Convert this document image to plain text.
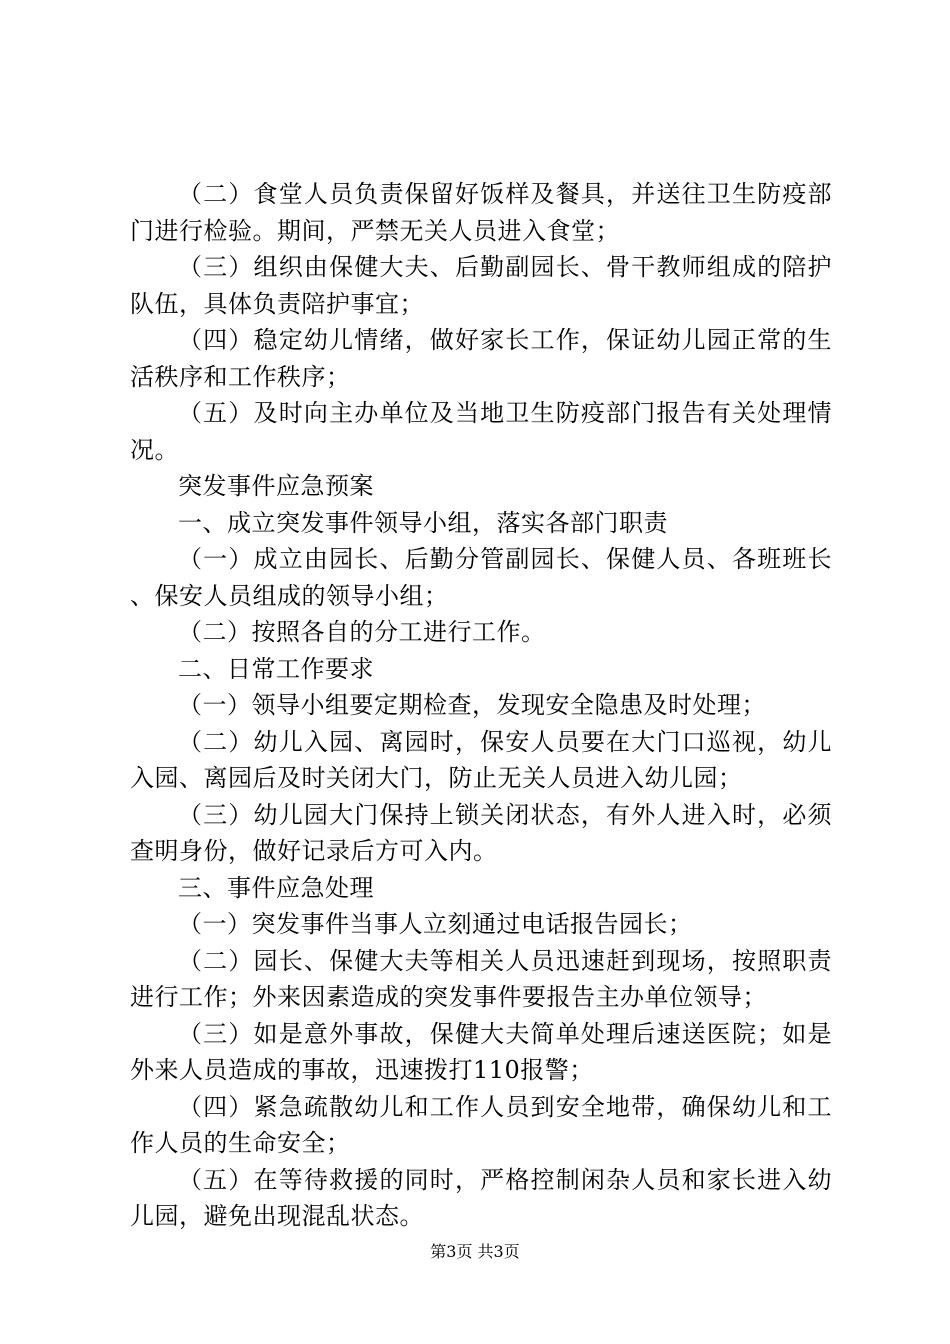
（二）食堂人员负责保留好饭样及餐具，并送往卫生防疫部门进行检验。期间，严禁无关人员进入食堂；

（三）组织由保健大夫、后勤副园长、骨干教师组成的陪护队伍，具体负责陪护事宜；

（四）稳定幼儿情绪，做好家长工作，保证幼儿园正常的生活秩序和工作秩序；

（五）及时向主办单位及当地卫生防疫部门报告有关处理情况。

突发事件应急预案

一、成立突发事件领导小组，落实各部门职责

（一）成立由园长、后勤分管副园长、保健人员、各班班长、保安人员组成的领导小组；

（二）按照各自的分工进行工作。

二、日常工作要求

（一）领导小组要定期检查，发现安全隐患及时处理；

（二）幼儿入园、离园时，保安人员要在大门口巡视，幼儿入园、离园后及时关闭大门，防止无关人员进入幼儿园；

（三）幼儿园大门保持上锁关闭状态，有外人进入时，必须查明身份，做好记录后方可入内。

三、事件应急处理

（一）突发事件当事人立刻通过电话报告园长；

（二）园长、保健大夫等相关人员迅速赶到现场，按照职责进行工作；外来因素造成的突发事件要报告主办单位领导；

（三）如是意外事故，保健大夫简单处理后速送医院；如是外来人员造成的事故，迅速拨打110报警；

（四）紧急疏散幼儿和工作人员到安全地带，确保幼儿和工作人员的生命安全；

（五）在等待救援的同时，严格控制闲杂人员和家长进入幼儿园，避免出现混乱状态。

第3页 共3页
